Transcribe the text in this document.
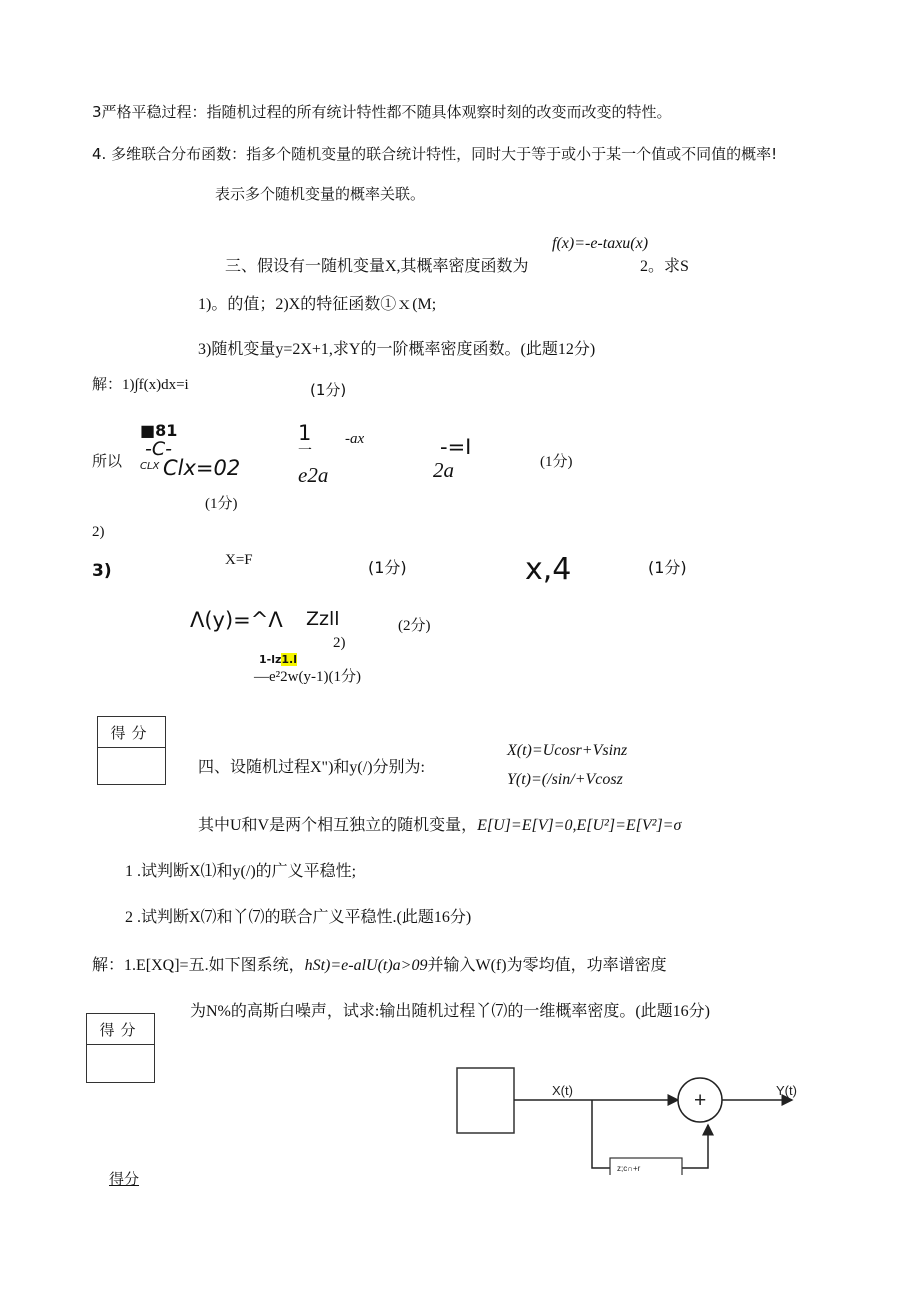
3严格平稳过程：指随机过程的所有统计特性都不随具体观察时刻的改变而改变的特性。
4. 多维联合分布函数：指多个随机变量的联合统计特性，同时大于等于或小于某一个值或不同值的概率!
表示多个随机变量的概率关联。
f(x)=-e-taxu(x)
三、假设有一随机变量X,其概率密度函数为	2。求S
1)。的值；2)X的特征函数①ｘ(M;
3)随机变量y=2X+1,求Y的一阶概率密度函数。(此题12分)
解：1)∫f(x)dx=i	(1分)
■81
-C-
所以 CLX Clx=02
1
一
e2a
-ax	-=I
2a	(1分)
(1分)
2)
3)
X=F	(1分)	x,4	(1分)
Λ(y)=^Λ Zzll
2)
(2分)
1-lz1.l
—e²2w(y-1)(1分)
得分
四、设随机过程X")和y(/)分别为:
X(t)=Ucosr+Vsinz
Y(t)=(/sin/+Vcosz
其中U和V是两个相互独立的随机变量，E[U]=E[V]=0,E[U²]=E[V²]=σ
1 .试判断X⑴和y(/)的广义平稳性;
2 .试判断X⑺和丫⑺的联合广义平稳性.(此题16分)
解：1.E[XQ]=五.如下图系统，hSt)=e-alU(t)a>09并输入W(f)为零均值，功率谱密度
得分
为N%的高斯白噪声，试求:输出随机过程丫⑺的一维概率密度。(此题16分)
X(t)	+	Y(t)
z;c∩+r
得分
